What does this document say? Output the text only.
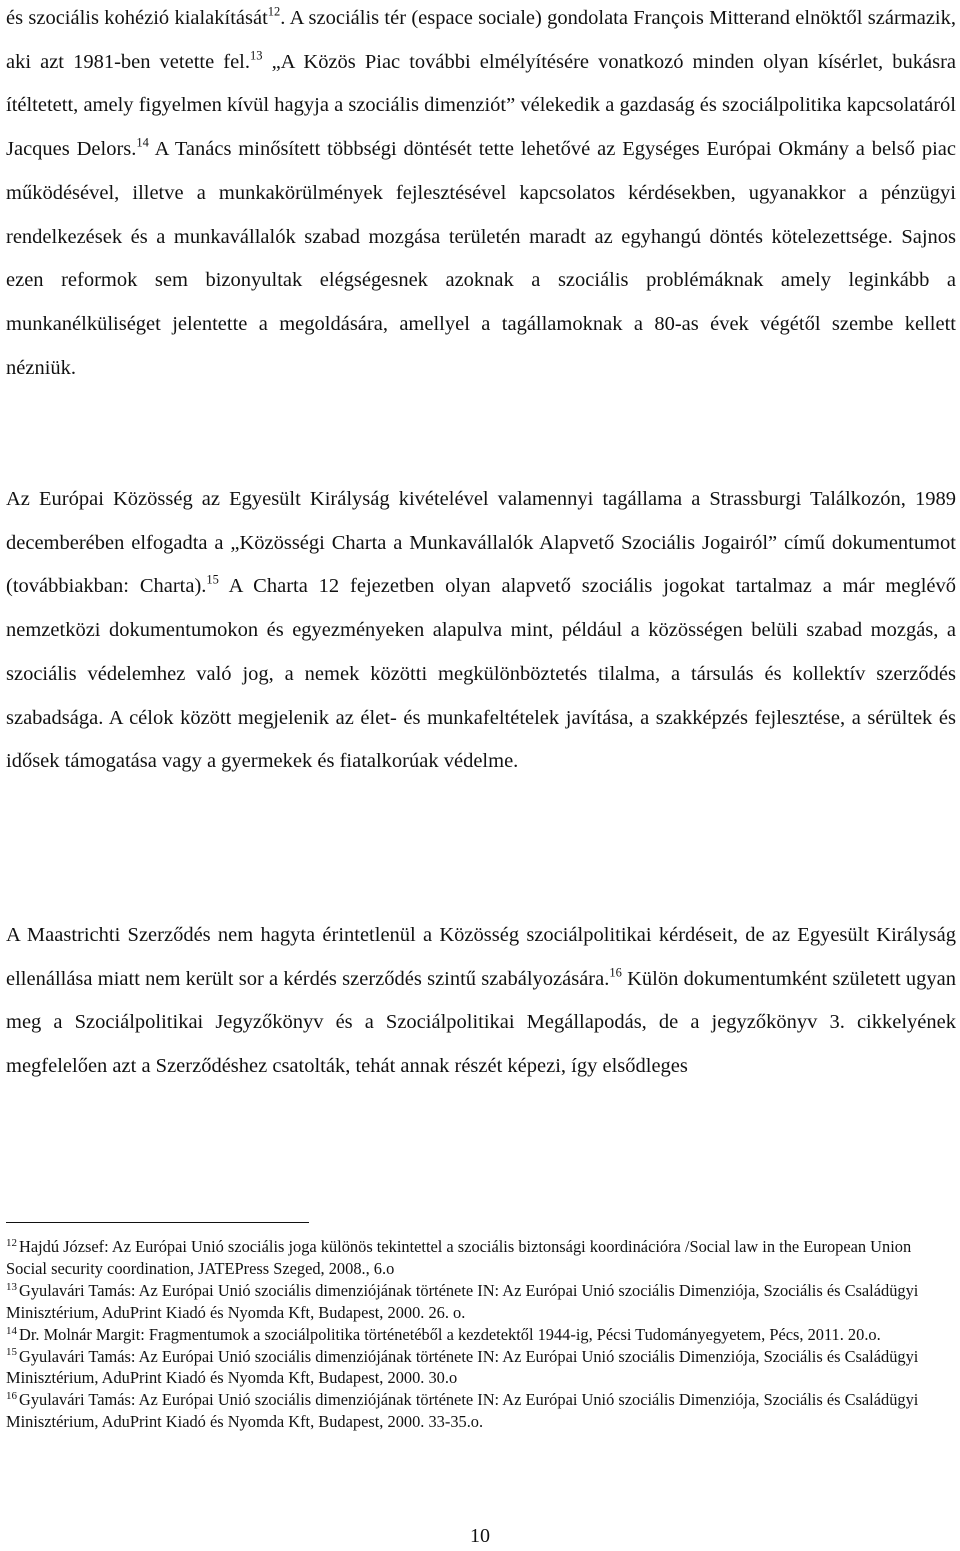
és szociális kohézió kialakítását$^{12}$. A szociális tér (espace sociale) gondolata François Mitterand elnöktől származik, aki azt 1981-ben vetette fel.$^{13}$ „A Közös Piac további elmélyítésére vonatkozó minden olyan kísérlet, bukásra ítéltetett, amely figyelmen kívül hagyja a szociális dimenziót” vélekedik a gazdaság és szociálpolitika kapcsolatáról Jacques Delors.$^{14}$ A Tanács minősített többségi döntését tette lehetővé az Egységes Európai Okmány a belső piac működésével, illetve a munkakörülmények fejlesztésével kapcsolatos kérdésekben, ugyanakkor a pénzügyi rendelkezések és a munkavállalók szabad mozgása területén maradt az egyhangú döntés kötelezettsége. Sajnos ezen reformok sem bizonyultak elégségesnek azoknak a szociális problémáknak amely leginkább a munkanélküliséget jelentette a megoldására, amellyel a tagállamoknak a 80-as évek végétől szembe kellett nézniük.

Az Európai Közösség az Egyesült Királyság kivételével valamennyi tagállama a Strassburgi Találkozón, 1989 decemberében elfogadta a „Közösségi Charta a Munkavállalók Alapvető Szociális Jogairól” című dokumentumot (továbbiakban: Charta).$^{15}$ A Charta 12 fejezetben olyan alapvető szociális jogokat tartalmaz a már meglévő nemzetközi dokumentumokon és egyezményeken alapulva mint, például a közösségen belüli szabad mozgás, a szociális védelemhez való jog, a nemek közötti megkülönböztetés tilalma, a társulás és kollektív szerződés szabadsága. A célok között megjelenik az élet- és munkafeltételek javítása, a szakképzés fejlesztése, a sérültek és idősek támogatása vagy a gyermekek és fiatalkorúak védelme.

A Maastrichti Szerződés nem hagyta érintetlenül a Közösség szociálpolitikai kérdéseit, de az Egyesült Királyság ellenállása miatt nem került sor a kérdés szerződés szintű szabályozására.$^{16}$ Külön dokumentumként született ugyan meg a Szociálpolitikai Jegyzőkönyv és a Szociálpolitikai Megállapodás, de a jegyzőkönyv 3. cikkelyének megfelelően azt a Szerződéshez csatolták, tehát annak részét képezi, így elsődleges

$^{12}$ Hajdú József: Az Európai Unió szociális joga különös tekintettel a szociális biztonsági koordinációra /Social law in the European Union Social security coordination, JATEPress Szeged, 2008., 6.o

$^{13}$ Gyulavári Tamás: Az Európai Unió szociális dimenziójának története IN: Az Európai Unió szociális Dimenziója, Szociális és Családügyi Minisztérium, AduPrint Kiadó és Nyomda Kft, Budapest, 2000. 26. o.

$^{14}$ Dr. Molnár Margit: Fragmentumok a szociálpolitika történetéből a kezdetektől 1944-ig, Pécsi Tudományegyetem, Pécs, 2011. 20.o.

$^{15}$ Gyulavári Tamás: Az Európai Unió szociális dimenziójának története IN: Az Európai Unió szociális Dimenziója, Szociális és Családügyi Minisztérium, AduPrint Kiadó és Nyomda Kft, Budapest, 2000. 30.o

$^{16}$ Gyulavári Tamás: Az Európai Unió szociális dimenziójának története IN: Az Európai Unió szociális Dimenziója, Szociális és Családügyi Minisztérium, AduPrint Kiadó és Nyomda Kft, Budapest, 2000. 33-35.o.

10
